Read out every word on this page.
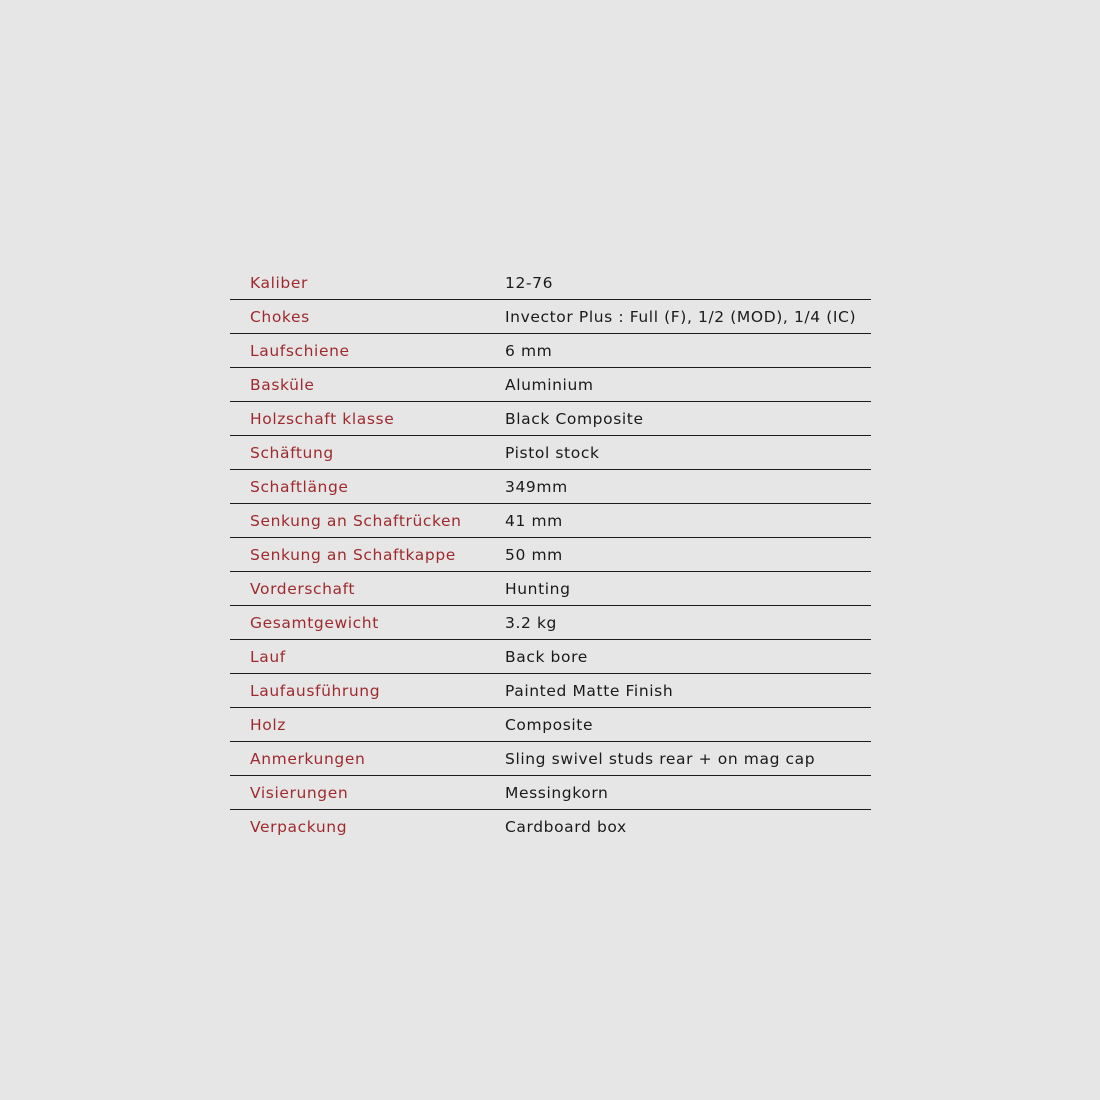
Kaliber	12-76
Chokes	Invector Plus : Full (F), 1/2 (MOD), 1/4 (IC)
Laufschiene	6 mm
Basküle	Aluminium
Holzschaft klasse	Black Composite
Schäftung	Pistol stock
Schaftlänge	349mm
Senkung an Schaftrücken	41 mm
Senkung an Schaftkappe	50 mm
Vorderschaft	Hunting
Gesamtgewicht	3.2 kg
Lauf	Back bore
Laufausführung	Painted Matte Finish
Holz	Composite
Anmerkungen	Sling swivel studs rear + on mag cap
Visierungen	Messingkorn
Verpackung	Cardboard box
